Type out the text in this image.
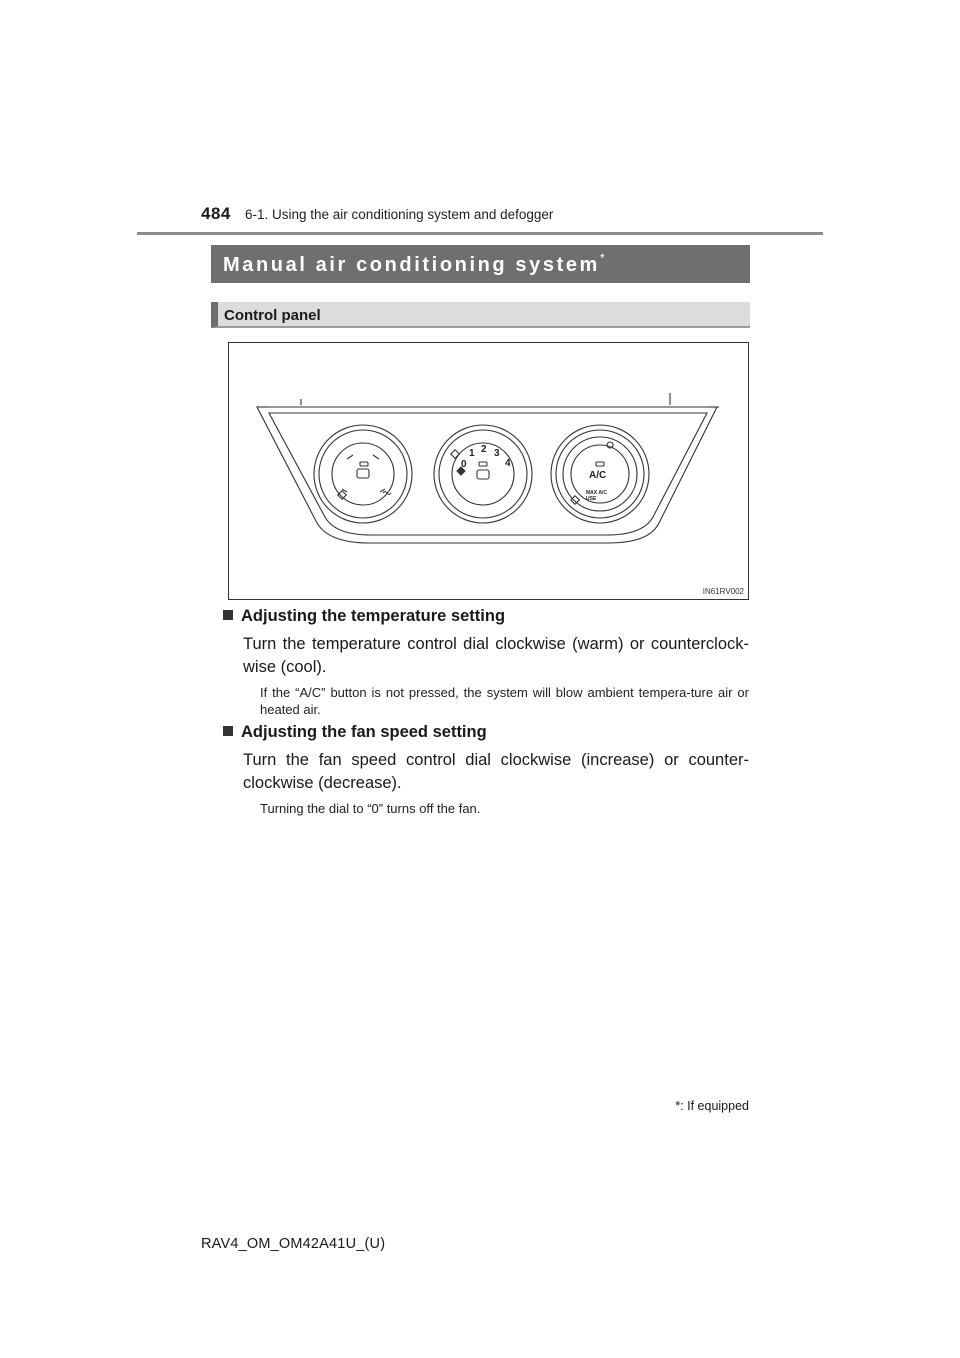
484 6-1. Using the air conditioning system and defogger
Manual air conditioning system*
Control panel
0
1 2 3
4
A/C
MAX A/C
USE
IN61RV002
Adjusting the temperature setting
Turn the temperature control dial clockwise (warm) or counterclock-wise (cool).
If the “A/C” button is not pressed, the system will blow ambient tempera-ture air or heated air.
Adjusting the fan speed setting
Turn the fan speed control dial clockwise (increase) or counter-clockwise (decrease).
Turning the dial to “0” turns off the fan.
*: If equipped
RAV4_OM_OM42A41U_(U)
